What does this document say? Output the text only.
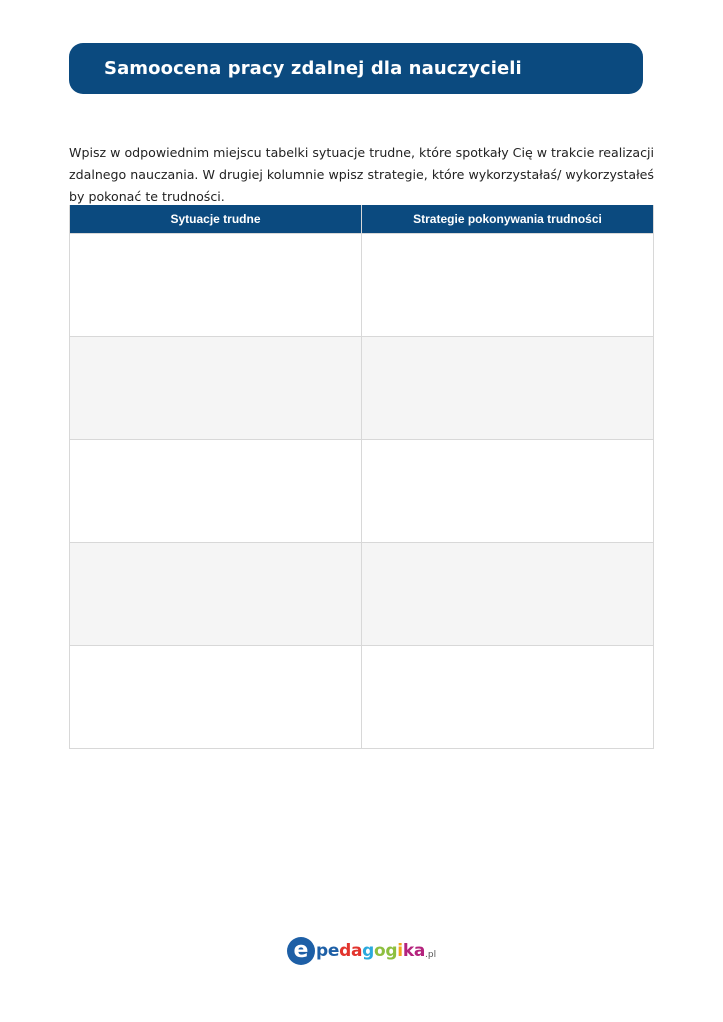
Samoocena pracy zdalnej dla nauczycieli

Wpisz w odpowiednim miejscu tabelki sytuacje trudne, które spotkały Cię w trakcie realizacji zdalnego nauczania. W drugiej kolumnie wpisz strategie, które wykorzystałaś/ wykorzystałeś by pokonać te trudności.

Sytuacje trudne	Strategie pokonywania trudności

e pedagogika .pl
